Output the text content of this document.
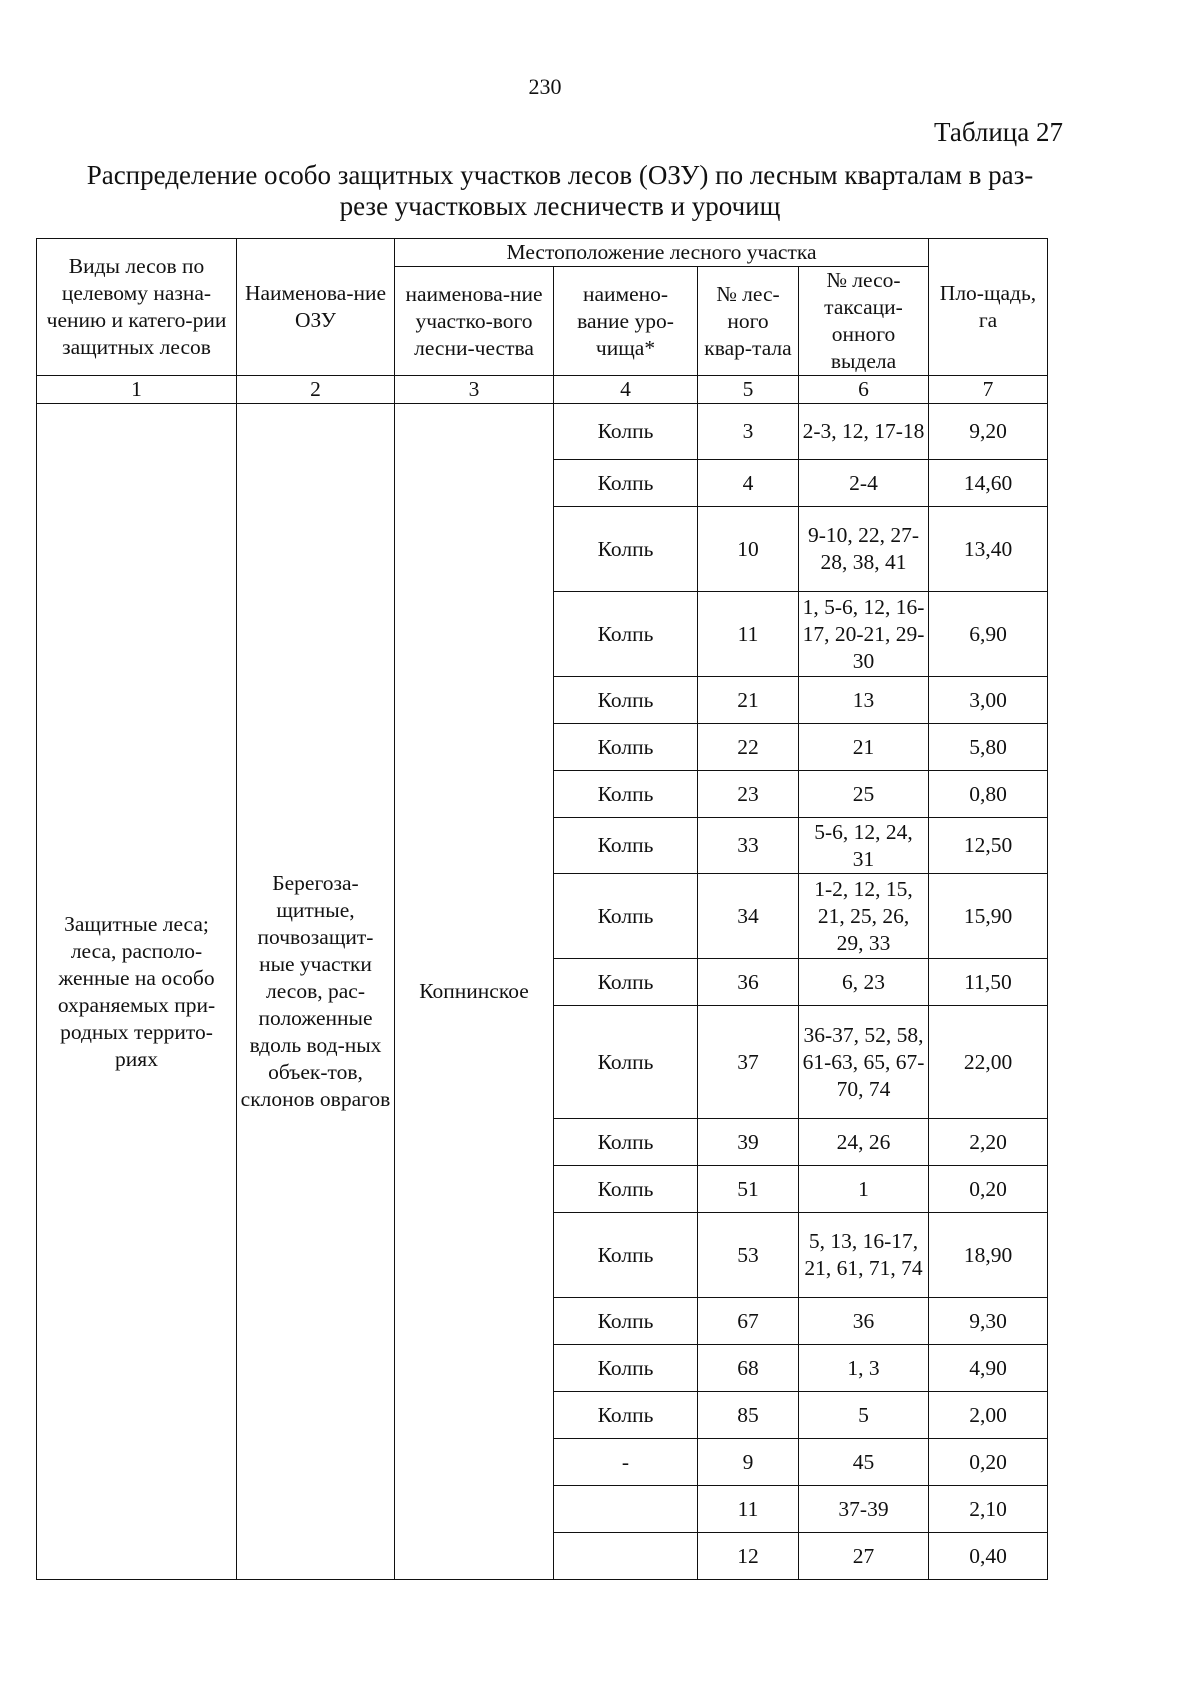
230
Таблица 27
Распределение особо защитных участков лесов (ОЗУ) по лесным кварталам в раз-
резе участковых лесничеств и урочищ
Виды лесов по целевому назна-чению и катего-рии защитных лесов	Наименова-ние ОЗУ	Местоположение лесного участка				Пло-щадь, га
		наименова-ние участко-вого лесни-чества	наимено-вание уро-чища*	№ лес-ного квар-тала	№ лесо-таксаци-онного выдела	
1	2	3	4	5	6	7
Защитные леса; леса, располо-женные на особо охраняемых при-родных террито-риях	Берегоза-щитные, почвозащит-ные участки лесов, рас-положенные вдоль вод-ных объек-тов, склонов оврагов	Копнинское	Колпь	3	2-3, 12, 17-18	9,20
			Колпь	4	2-4	14,60
			Колпь	10	9-10, 22, 27-28, 38, 41	13,40
			Колпь	11	1, 5-6, 12, 16-17, 20-21, 29-30	6,90
			Колпь	21	13	3,00
			Колпь	22	21	5,80
			Колпь	23	25	0,80
			Колпь	33	5-6, 12, 24, 31	12,50
			Колпь	34	1-2, 12, 15, 21, 25, 26, 29, 33	15,90
			Колпь	36	6, 23	11,50
			Колпь	37	36-37, 52, 58, 61-63, 65, 67-70, 74	22,00
			Колпь	39	24, 26	2,20
			Колпь	51	1	0,20
			Колпь	53	5, 13, 16-17, 21, 61, 71, 74	18,90
			Колпь	67	36	9,30
			Колпь	68	1, 3	4,90
			Колпь	85	5	2,00
			-	9	45	0,20
				11	37-39	2,10
				12	27	0,40
